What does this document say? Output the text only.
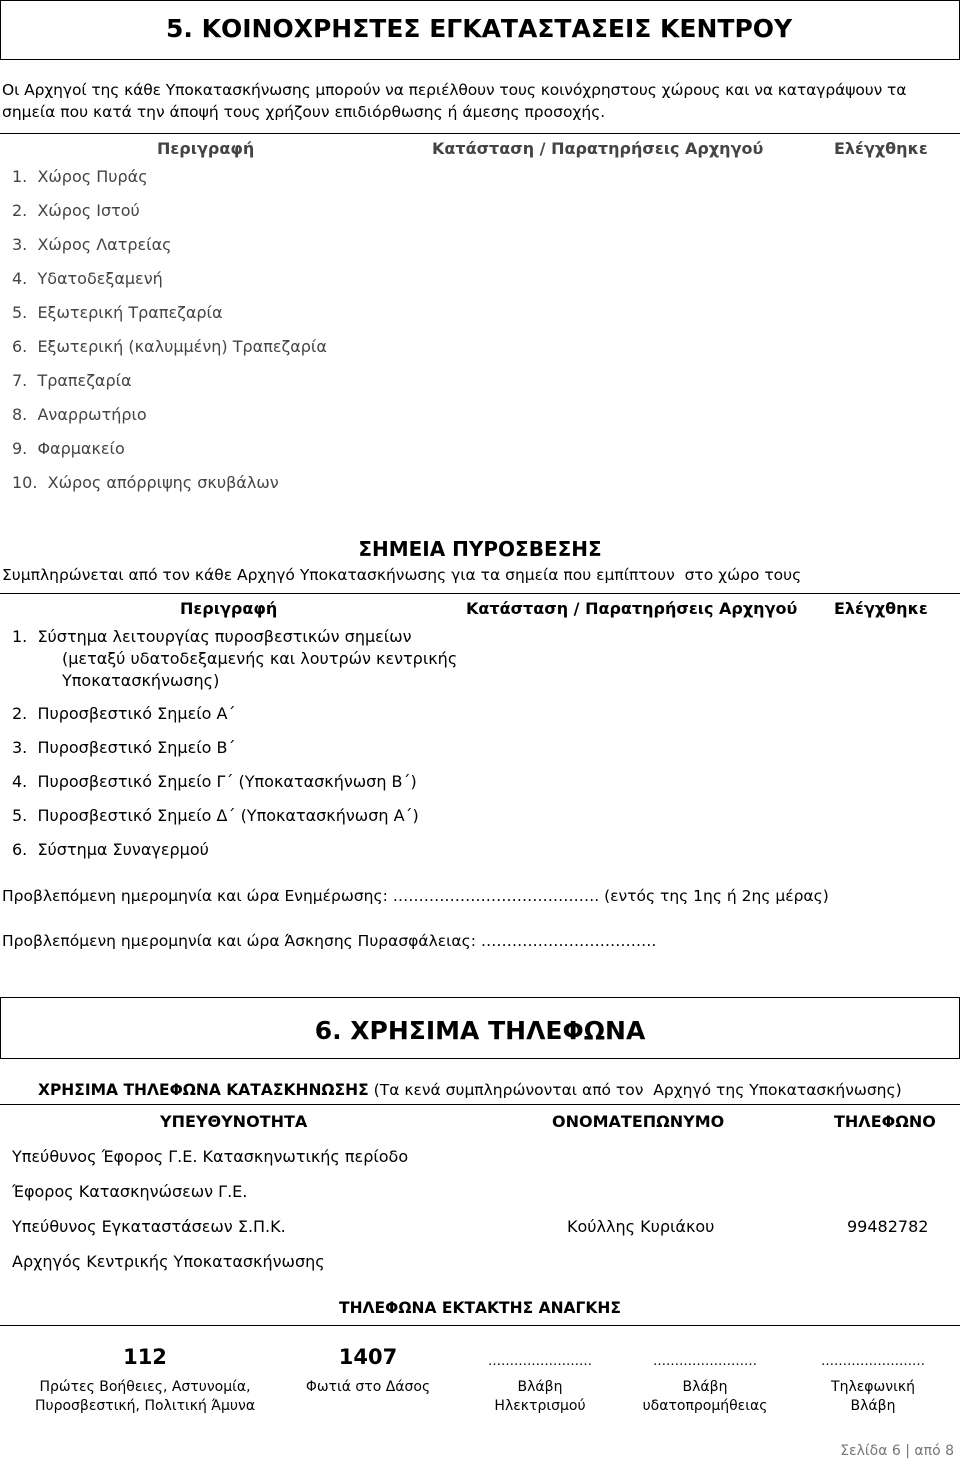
5. ΚΟΙΝΟΧΡΗΣΤΕΣ ΕΓΚΑΤΑΣΤΑΣΕΙΣ ΚΕΝΤΡΟΥ
Οι Αρχηγοί της κάθε Υποκατασκήνωσης μπορούν να περιέλθουν τους κοινόχρηστους χώρους και να καταγράψουν τα
σημεία που κατά την άποψή τους χρήζουν επιδιόρθωσης ή άμεσης προσοχής.
Περιγραφή	Κατάσταση / Παρατηρήσεις Αρχηγού	Ελέγχθηκε
1.  Χώρος Πυράς
2.  Χώρος Ιστού
3.  Χώρος Λατρείας
4.  Υδατοδεξαμενή
5.  Εξωτερική Τραπεζαρία
6.  Εξωτερική (καλυμμένη) Τραπεζαρία
7.  Τραπεζαρία
8.  Αναρρωτήριο
9.  Φαρμακείο
10.  Χώρος απόρριψης σκυβάλων
ΣΗΜΕΙΑ ΠΥΡΟΣΒΕΣΗΣ
Συμπληρώνεται από τον κάθε Αρχηγό Υποκατασκήνωσης για τα σημεία που εμπίπτουν  στο χώρο τους
Περιγραφή	Κατάσταση / Παρατηρήσεις Αρχηγού Ελέγχθηκε
1.  Σύστημα λειτουργίας πυροσβεστικών σημείων
(μεταξύ υδατοδεξαμενής και λουτρών κεντρικής
Υποκατασκήνωσης)
2.  Πυροσβεστικό Σημείο Α΄
3.  Πυροσβεστικό Σημείο Β΄
4.  Πυροσβεστικό Σημείο Γ΄ (Υποκατασκήνωση Β΄)
5.  Πυροσβεστικό Σημείο Δ΄ (Υποκατασκήνωση Α΄)
6.  Σύστημα Συναγερμού
Προβλεπόμενη ημερομηνία και ώρα Ενημέρωσης: …………………………………. (εντός της 1ης ή 2ης μέρας)
Προβλεπόμενη ημερομηνία και ώρα Άσκησης Πυρασφάλειας: …………………………….
6. ΧΡΗΣΙΜΑ ΤΗΛΕΦΩΝΑ
ΧΡΗΣΙΜΑ ΤΗΛΕΦΩΝΑ ΚΑΤΑΣΚΗΝΩΣΗΣ (Τα κενά συμπληρώνονται από τον  Αρχηγό της Υποκατασκήνωσης)
ΥΠΕΥΘΥΝΟΤΗΤΑ	ΟΝΟΜΑΤΕΠΩΝΥΜΟ	ΤΗΛΕΦΩΝΟ
Υπεύθυνος Έφορος Γ.Ε. Κατασκηνωτικής περίοδο
Έφορος Κατασκηνώσεων Γ.Ε.
Υπεύθυνος Εγκαταστάσεων Σ.Π.Κ.	Κούλλης Κυριάκου	99482782
Αρχηγός Κεντρικής Υποκατασκήνωσης
ΤΗΛΕΦΩΝΑ ΕΚΤΑΚΤΗΣ ΑΝΑΓΚΗΣ
112
Πρώτες Βοήθειες, Αστυνομία,
Πυροσβεστική, Πολιτική Άμυνα
1407
Φωτιά στο Δάσος
……………………
Βλάβη
Ηλεκτρισμού
……………………
Βλάβη
υδατοπρομήθειας
……………………
Τηλεφωνική
Βλάβη
Σελίδα 6 | από 8
